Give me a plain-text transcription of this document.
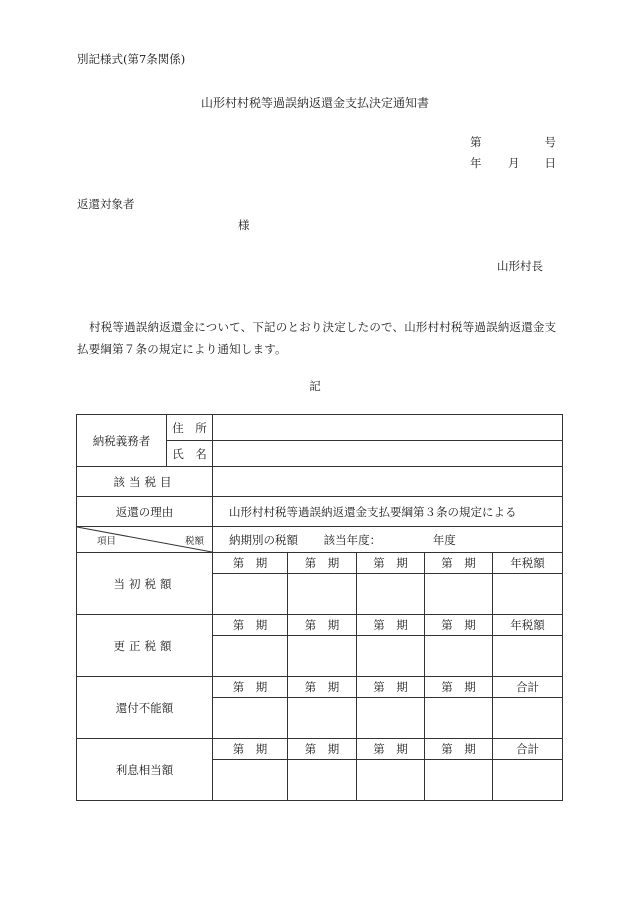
別記様式(第7条関係)
山形村村税等過誤納返還金支払決定通知書
第	号
年 月 日
返還対象者
様
山形村長
村税等過誤納返還金について、下記のとおり決定したので、山形村村税等過誤納返還金支払要綱第７条の規定により通知します。
記
納税義務者	住　所					
	氏　名					
該当税目						
返還の理由		山形村村税等過誤納返還金支払要綱第３条の規定による				

項目 税額		納期別の税額 該当年度： 年度				
当初税額		第　期	第　期	第　期	第　期	年税額

更正税額		第　期	第　期	第　期	第　期	年税額

還付不能額		第　期	第　期	第　期	第　期	合計

利息相当額		第　期	第　期	第　期	第　期	合計
